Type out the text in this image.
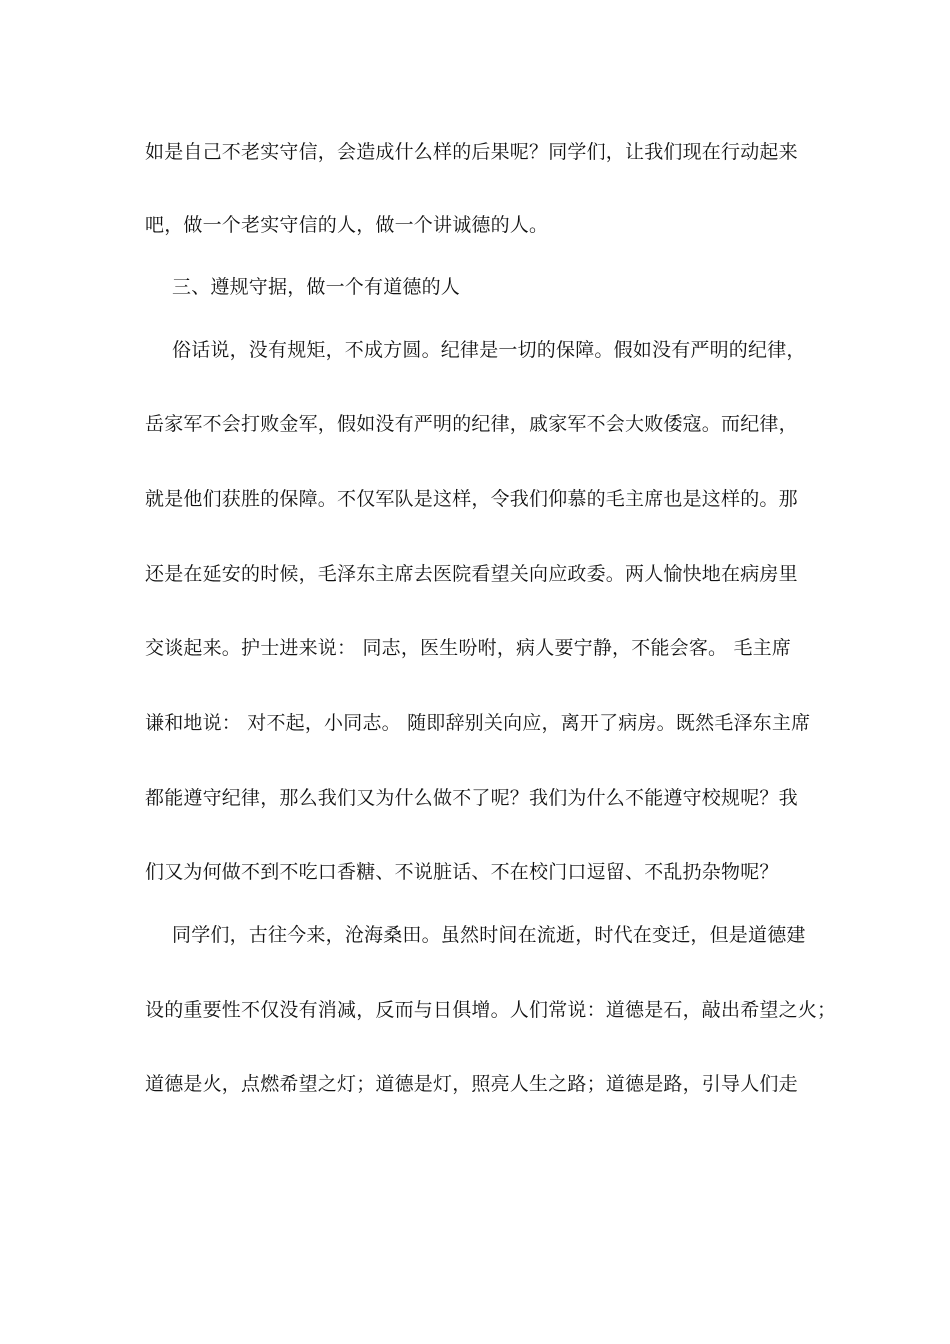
如是自己不老实守信，会造成什么样的后果呢？同学们，让我们现在行动起来
吧，做一个老实守信的人，做一个讲诚德的人。
三、遵规守据，做一个有道德的人
俗话说，没有规矩，不成方圆。纪律是一切的保障。假如没有严明的纪律，
岳家军不会打败金军，假如没有严明的纪律，戚家军不会大败倭寇。而纪律，
就是他们获胜的保障。不仅军队是这样，令我们仰慕的毛主席也是这样的。那
还是在延安的时候，毛泽东主席去医院看望关向应政委。两人愉快地在病房里
交谈起来。护士进来说： 同志，医生吩咐，病人要宁静，不能会客。 毛主席
谦和地说： 对不起，小同志。 随即辞别关向应，离开了病房。既然毛泽东主席
都能遵守纪律，那么我们又为什么做不了呢？我们为什么不能遵守校规呢？我
们又为何做不到不吃口香糖、不说脏话、不在校门口逗留、不乱扔杂物呢？
同学们，古往今来，沧海桑田。虽然时间在流逝，时代在变迁，但是道德建
设的重要性不仅没有消减，反而与日俱增。人们常说：道德是石，敲出希望之火；
道德是火，点燃希望之灯；道德是灯，照亮人生之路；道德是路，引导人们走
